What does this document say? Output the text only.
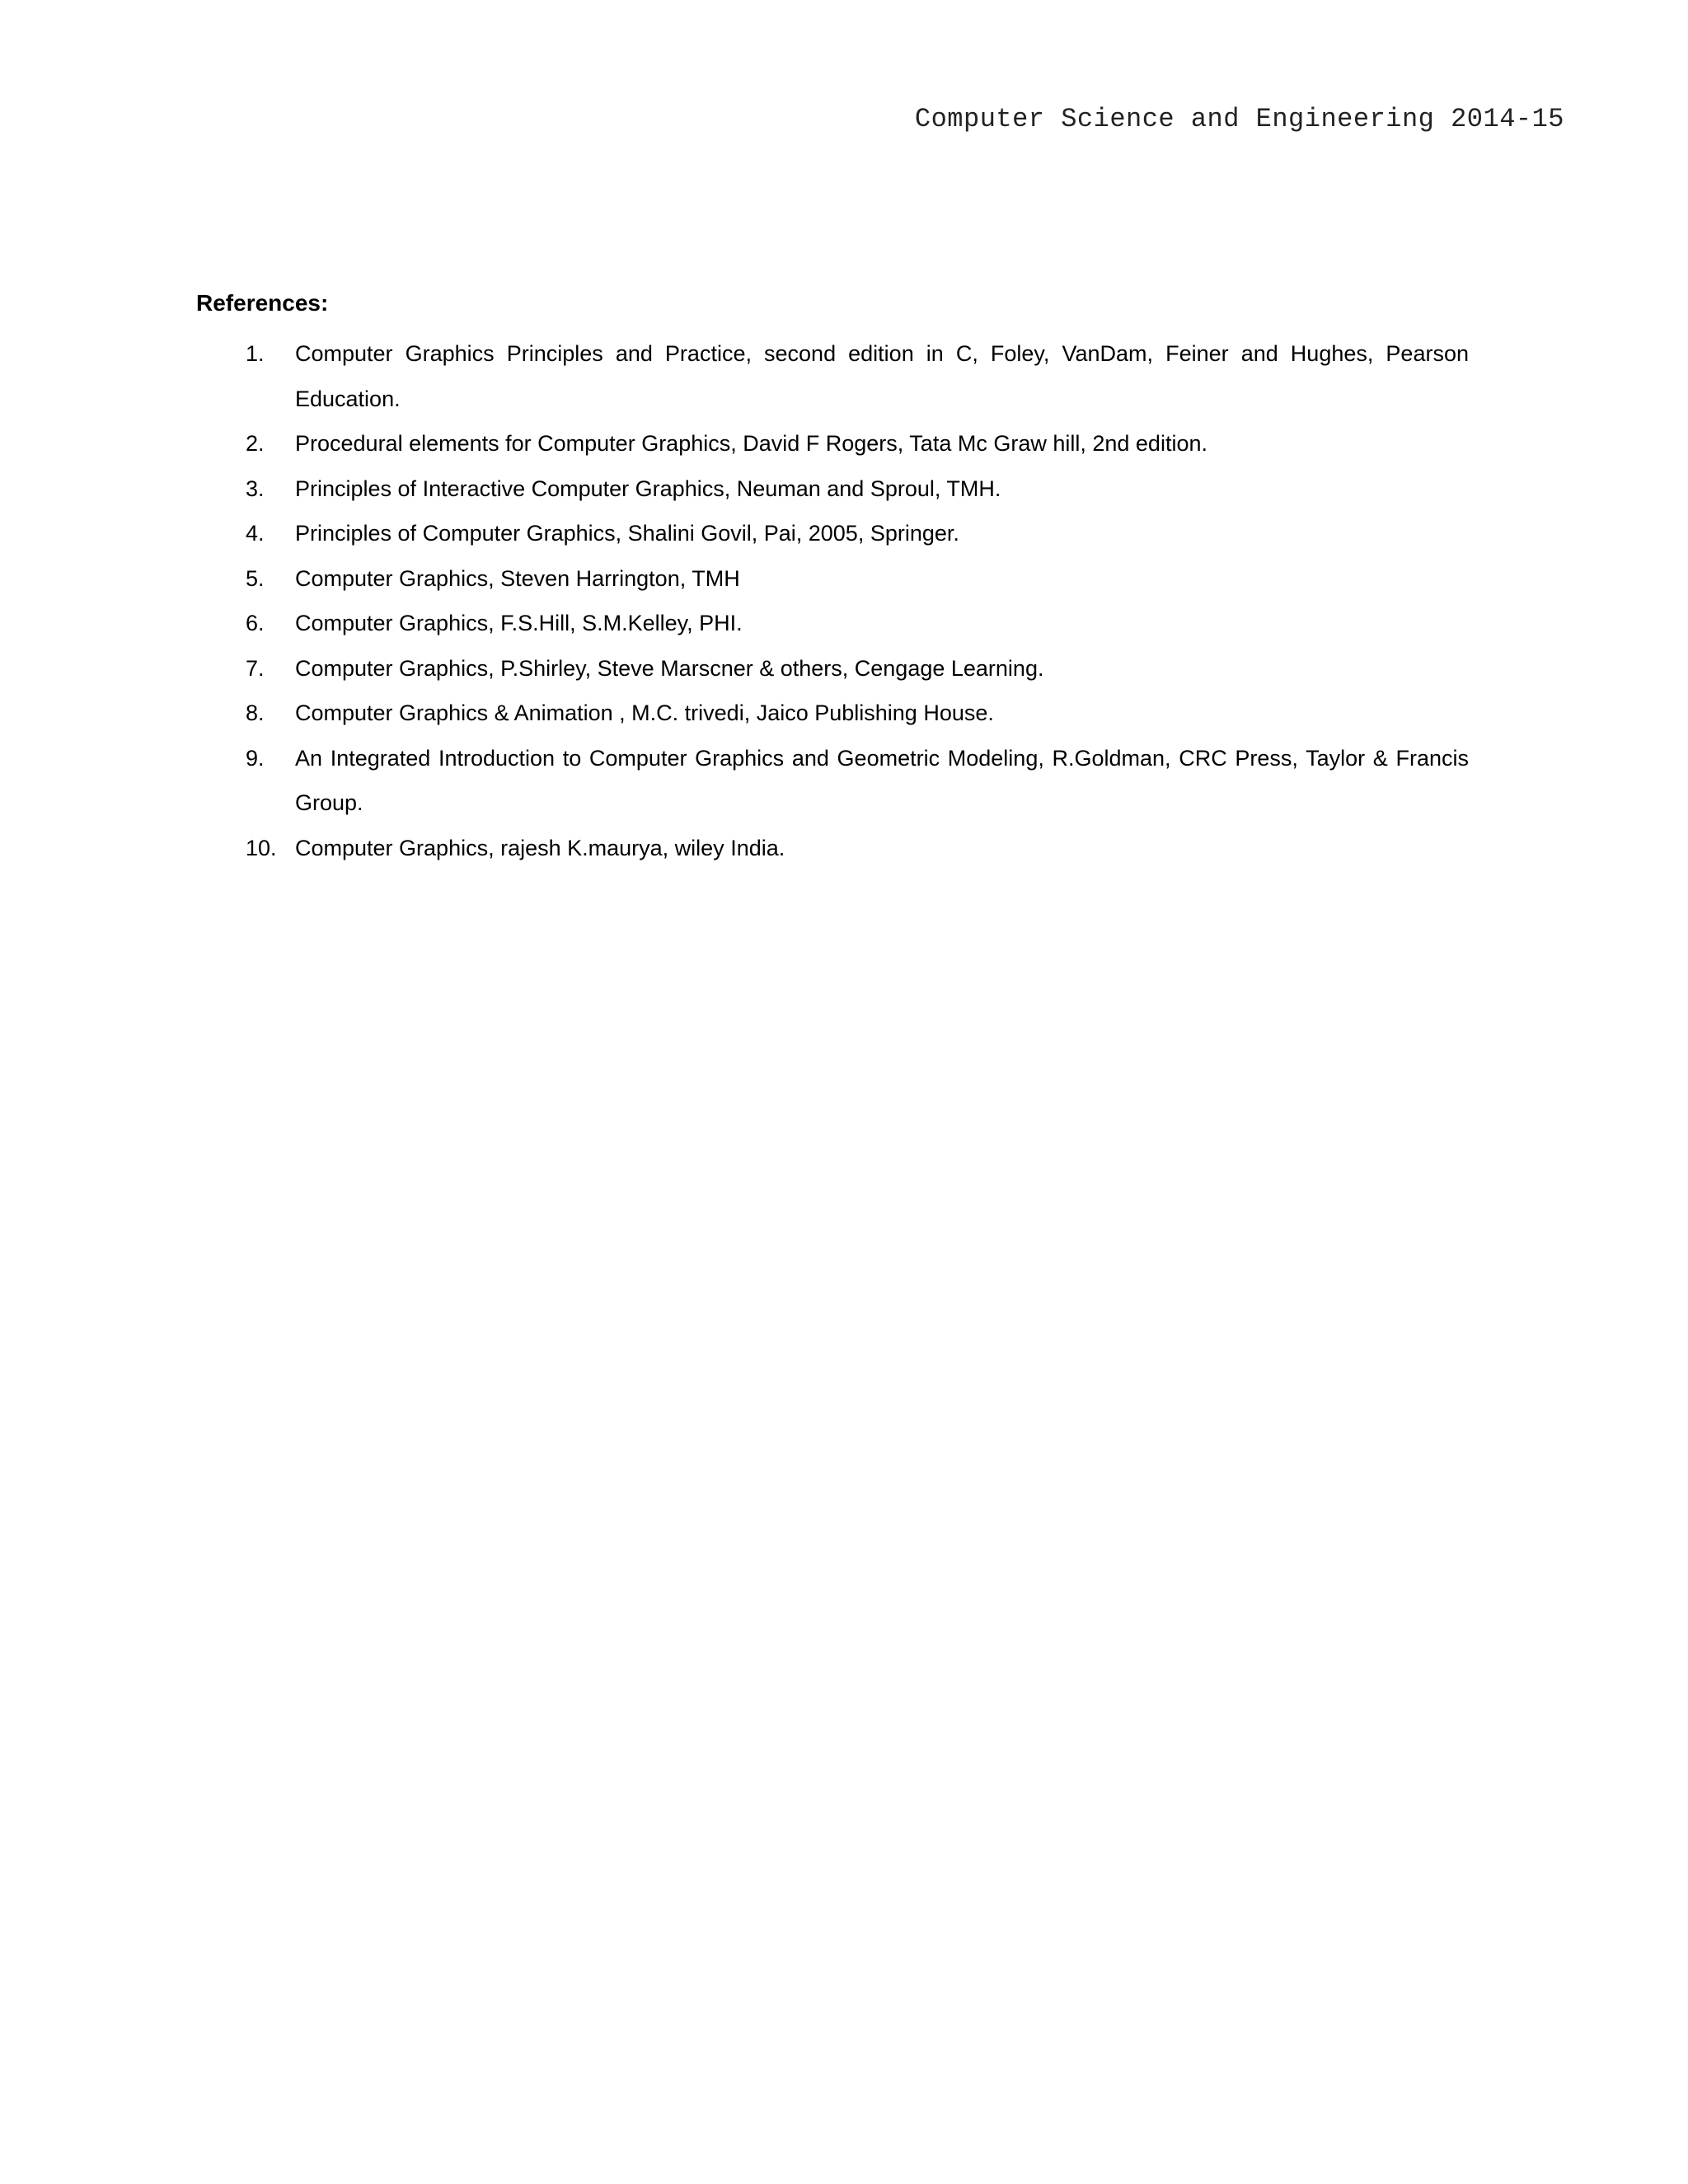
Computer Science and Engineering 2014-15
References:
1.	Computer Graphics Principles and Practice, second edition in C, Foley, VanDam, Feiner and Hughes, Pearson Education.
2.	Procedural elements for Computer Graphics, David F Rogers, Tata Mc Graw hill, 2nd edition.
3.	Principles of Interactive Computer Graphics, Neuman and Sproul, TMH.
4.	Principles of Computer Graphics, Shalini Govil, Pai, 2005, Springer.
5.	Computer Graphics, Steven Harrington, TMH
6.	Computer Graphics, F.S.Hill, S.M.Kelley, PHI.
7.	Computer Graphics, P.Shirley, Steve Marscner & others, Cengage Learning.
8.	Computer Graphics & Animation , M.C. trivedi, Jaico Publishing House.
9.	An Integrated Introduction to Computer Graphics and Geometric Modeling, R.Goldman, CRC Press, Taylor & Francis Group.
10. Computer Graphics, rajesh K.maurya, wiley India.
